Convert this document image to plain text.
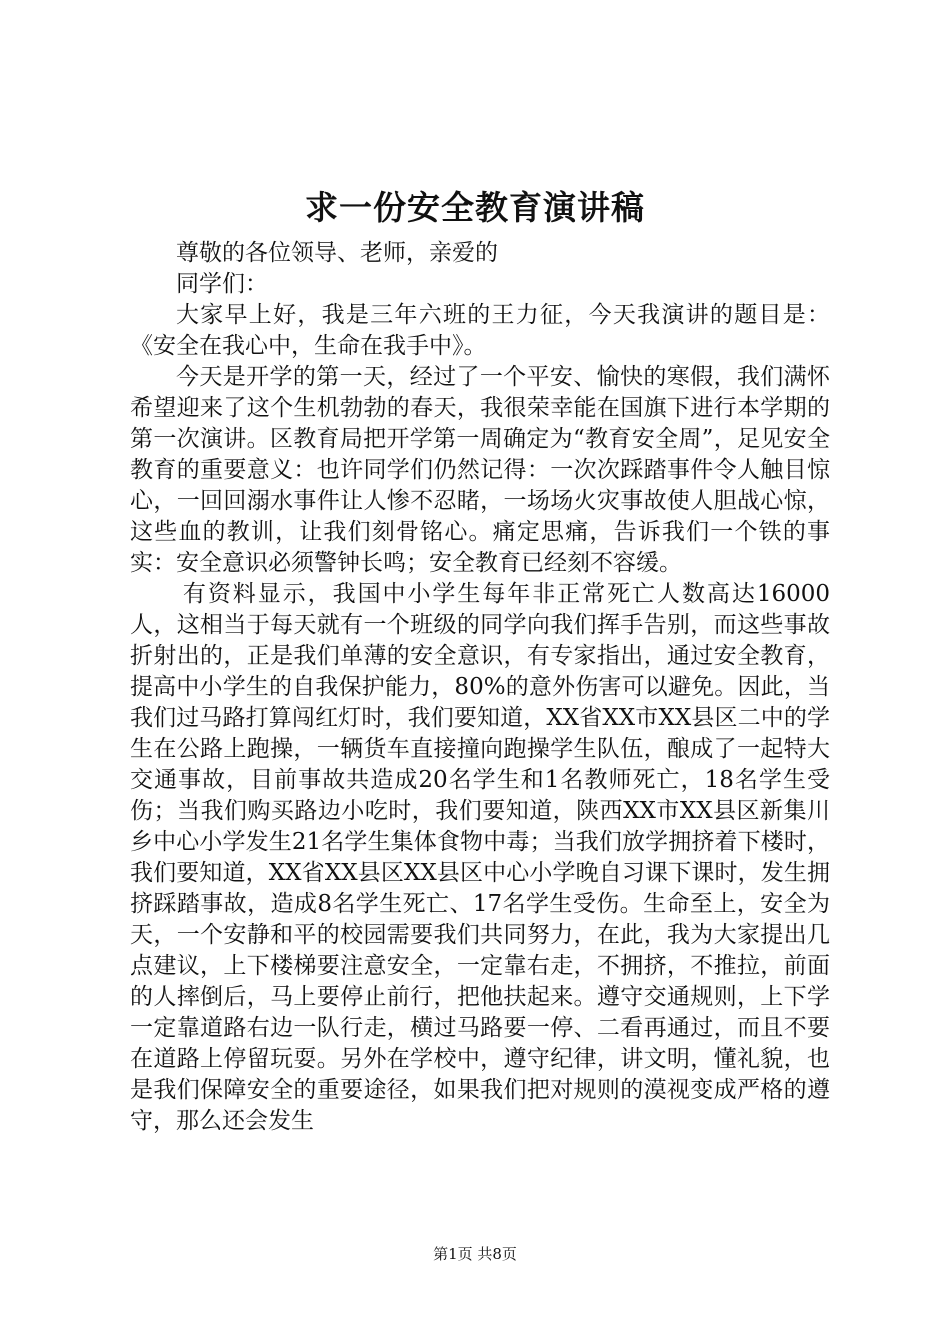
求一份安全教育演讲稿

尊敬的各位领导、老师，亲爱的

同学们：

大家早上好，我是三年六班的王力征，今天我演讲的题目是：《安全在我心中，生命在我手中》。

今天是开学的第一天，经过了一个平安、愉快的寒假，我们满怀希望迎来了这个生机勃勃的春天，我很荣幸能在国旗下进行本学期的第一次演讲。区教育局把开学第一周确定为“教育安全周”，足见安全教育的重要意义：也许同学们仍然记得：一次次踩踏事件令人触目惊心，一回回溺水事件让人惨不忍睹，一场场火灾事故使人胆战心惊，这些血的教训，让我们刻骨铭心。痛定思痛，告诉我们一个铁的事实：安全意识必须警钟长鸣；安全教育已经刻不容缓。

有资料显示，我国中小学生每年非正常死亡人数高达16000人，这相当于每天就有一个班级的同学向我们挥手告别，而这些事故折射出的，正是我们单薄的安全意识，有专家指出，通过安全教育，提高中小学生的自我保护能力，80%的意外伤害可以避免。因此，当我们过马路打算闯红灯时，我们要知道，XX省XX市XX县区二中的学生在公路上跑操，一辆货车直接撞向跑操学生队伍，酿成了一起特大交通事故，目前事故共造成20名学生和1名教师死亡，18名学生受伤；当我们购买路边小吃时，我们要知道，陕西XX市XX县区新集川乡中心小学发生21名学生集体食物中毒；当我们放学拥挤着下楼时，我们要知道，XX省XX县区XX县区中心小学晚自习课下课时，发生拥挤踩踏事故，造成8名学生死亡、17名学生受伤。生命至上，安全为天，一个安静和平的校园需要我们共同努力，在此，我为大家提出几点建议，上下楼梯要注意安全，一定靠右走，不拥挤，不推拉，前面的人摔倒后，马上要停止前行，把他扶起来。遵守交通规则，上下学一定靠道路右边一队行走，横过马路要一停、二看再通过，而且不要在道路上停留玩耍。另外在学校中，遵守纪律，讲文明，懂礼貌，也是我们保障安全的重要途径，如果我们把对规则的漠视变成严格的遵守，那么还会发生

第1页 共8页
